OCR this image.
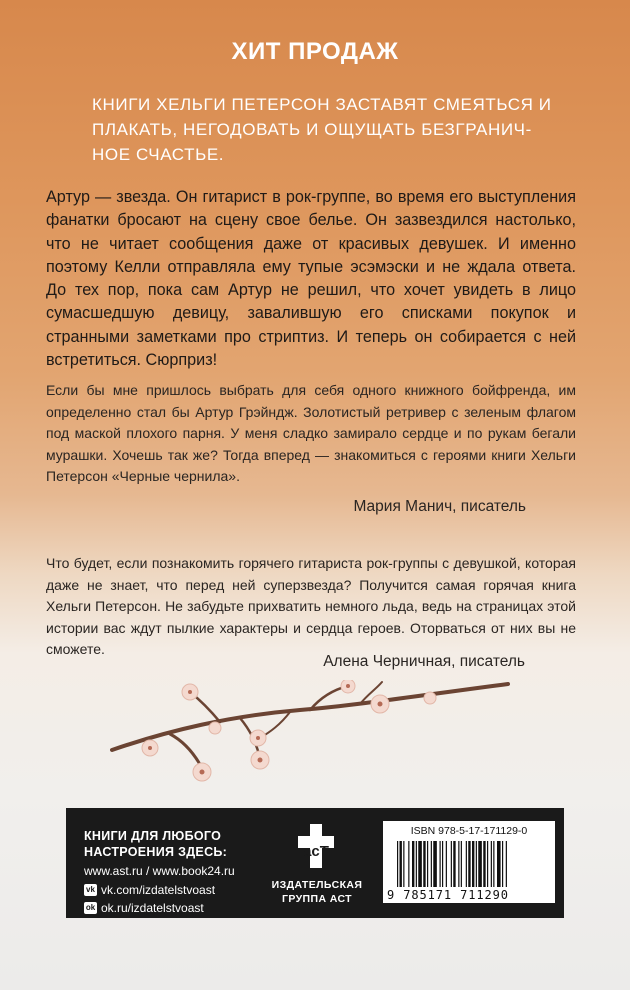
ХИТ ПРОДАЖ
КНИГИ ХЕЛЬГИ ПЕТЕРСОН ЗАСТАВЯТ СМЕЯТЬСЯ И ПЛАКАТЬ, НЕГОДОВАТЬ И ОЩУЩАТЬ БЕЗГРАНИЧ-НОЕ СЧАСТЬЕ.
Артур — звезда. Он гитарист в рок-группе, во время его выступления фанатки бросают на сцену свое белье. Он зазвездился настолько, что не читает сообщения даже от красивых девушек. И именно поэтому Келли отправляла ему тупые эсэмэски и не ждала ответа. До тех пор, пока сам Артур не решил, что хочет увидеть в лицо сумасшедшую девицу, завалившую его списками покупок и странными заметками про стриптиз. И теперь он собирается с ней встретиться. Сюрприз!
Если бы мне пришлось выбрать для себя одного книжного бойфренда, им определенно стал бы Артур Грэйндж. Золотистый ретривер с зеленым флагом под маской плохого парня. У меня сладко замирало сердце и по рукам бегали мурашки. Хочешь так же? Тогда вперед — знакомиться с героями книги Хельги Петерсон «Черные чернила».
Мария Манич, писатель
Что будет, если познакомить горячего гитариста рок-группы с девушкой, которая даже не знает, что перед ней суперзвезда? Получится самая горячая книга Хельги Петерсон. Не забудьте прихватить немного льда, ведь на страницах этой истории вас ждут пылкие характеры и сердца героев. Оторваться от них вы не сможете.
Алена Черничная, писатель
КНИГИ ДЛЯ ЛЮБОГО
НАСТРОЕНИЯ ЗДЕСЬ:
www.ast.ru / www.book24.ru
vk vk.com/izdatelstvoast
ok ok.ru/izdatelstvoast
acT
ИЗДАТЕЛЬСКАЯ
ГРУППА АСТ
ISBN 978-5-17-171129-0
9 785171 711290
